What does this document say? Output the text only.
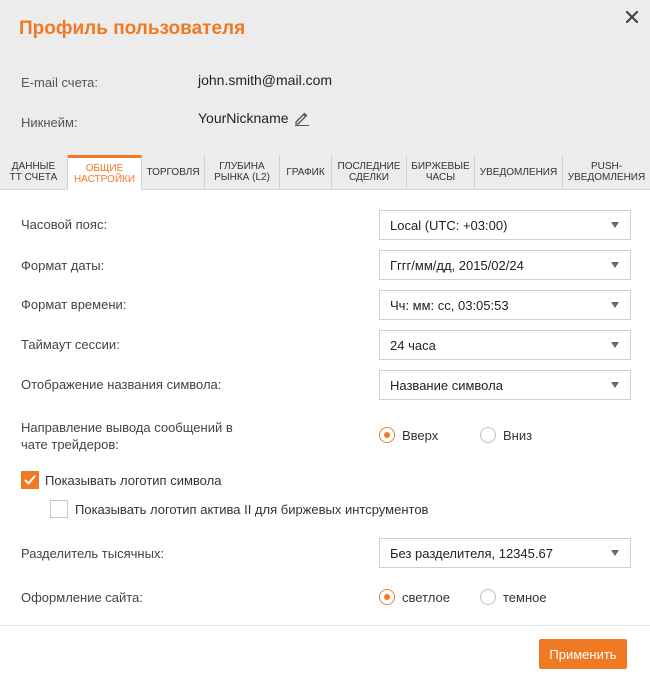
Профиль пользователя
E-mail счета:	john.smith@mail.com
Никнейм:	YourNickname
ДАННЫЕ
ТТ СЧЕТА
ОБЩИЕ
НАСТРОЙКИ
ТОРГОВЛЯ	ГЛУБИНА
РЫНКА (L2) ГРАФИК ПОСЛЕДНИЕ
СДЕЛКИ
БИРЖЕВЫЕ
ЧАСЫ	УВЕДОМЛЕНИЯ	PUSH-
УВЕДОМЛЕНИЯ
Часовой пояс:	Local (UTC: +03:00)
Формат даты:	Гггг/мм/дд, 2015/02/24
Формат времени:	Чч: мм: сс, 03:05:53
Таймаут сессии:	24 часа
Отображение названия символа:	Название символа
Направление вывода сообщений в
чате трейдеров:
Вверх	Вниз
Показывать логотип символа
Показывать логотип актива II для биржевых интсрументов
Разделитель тысячных:	Без разделителя, 12345.67
Оформление сайта:	светлое	темное
Применить
